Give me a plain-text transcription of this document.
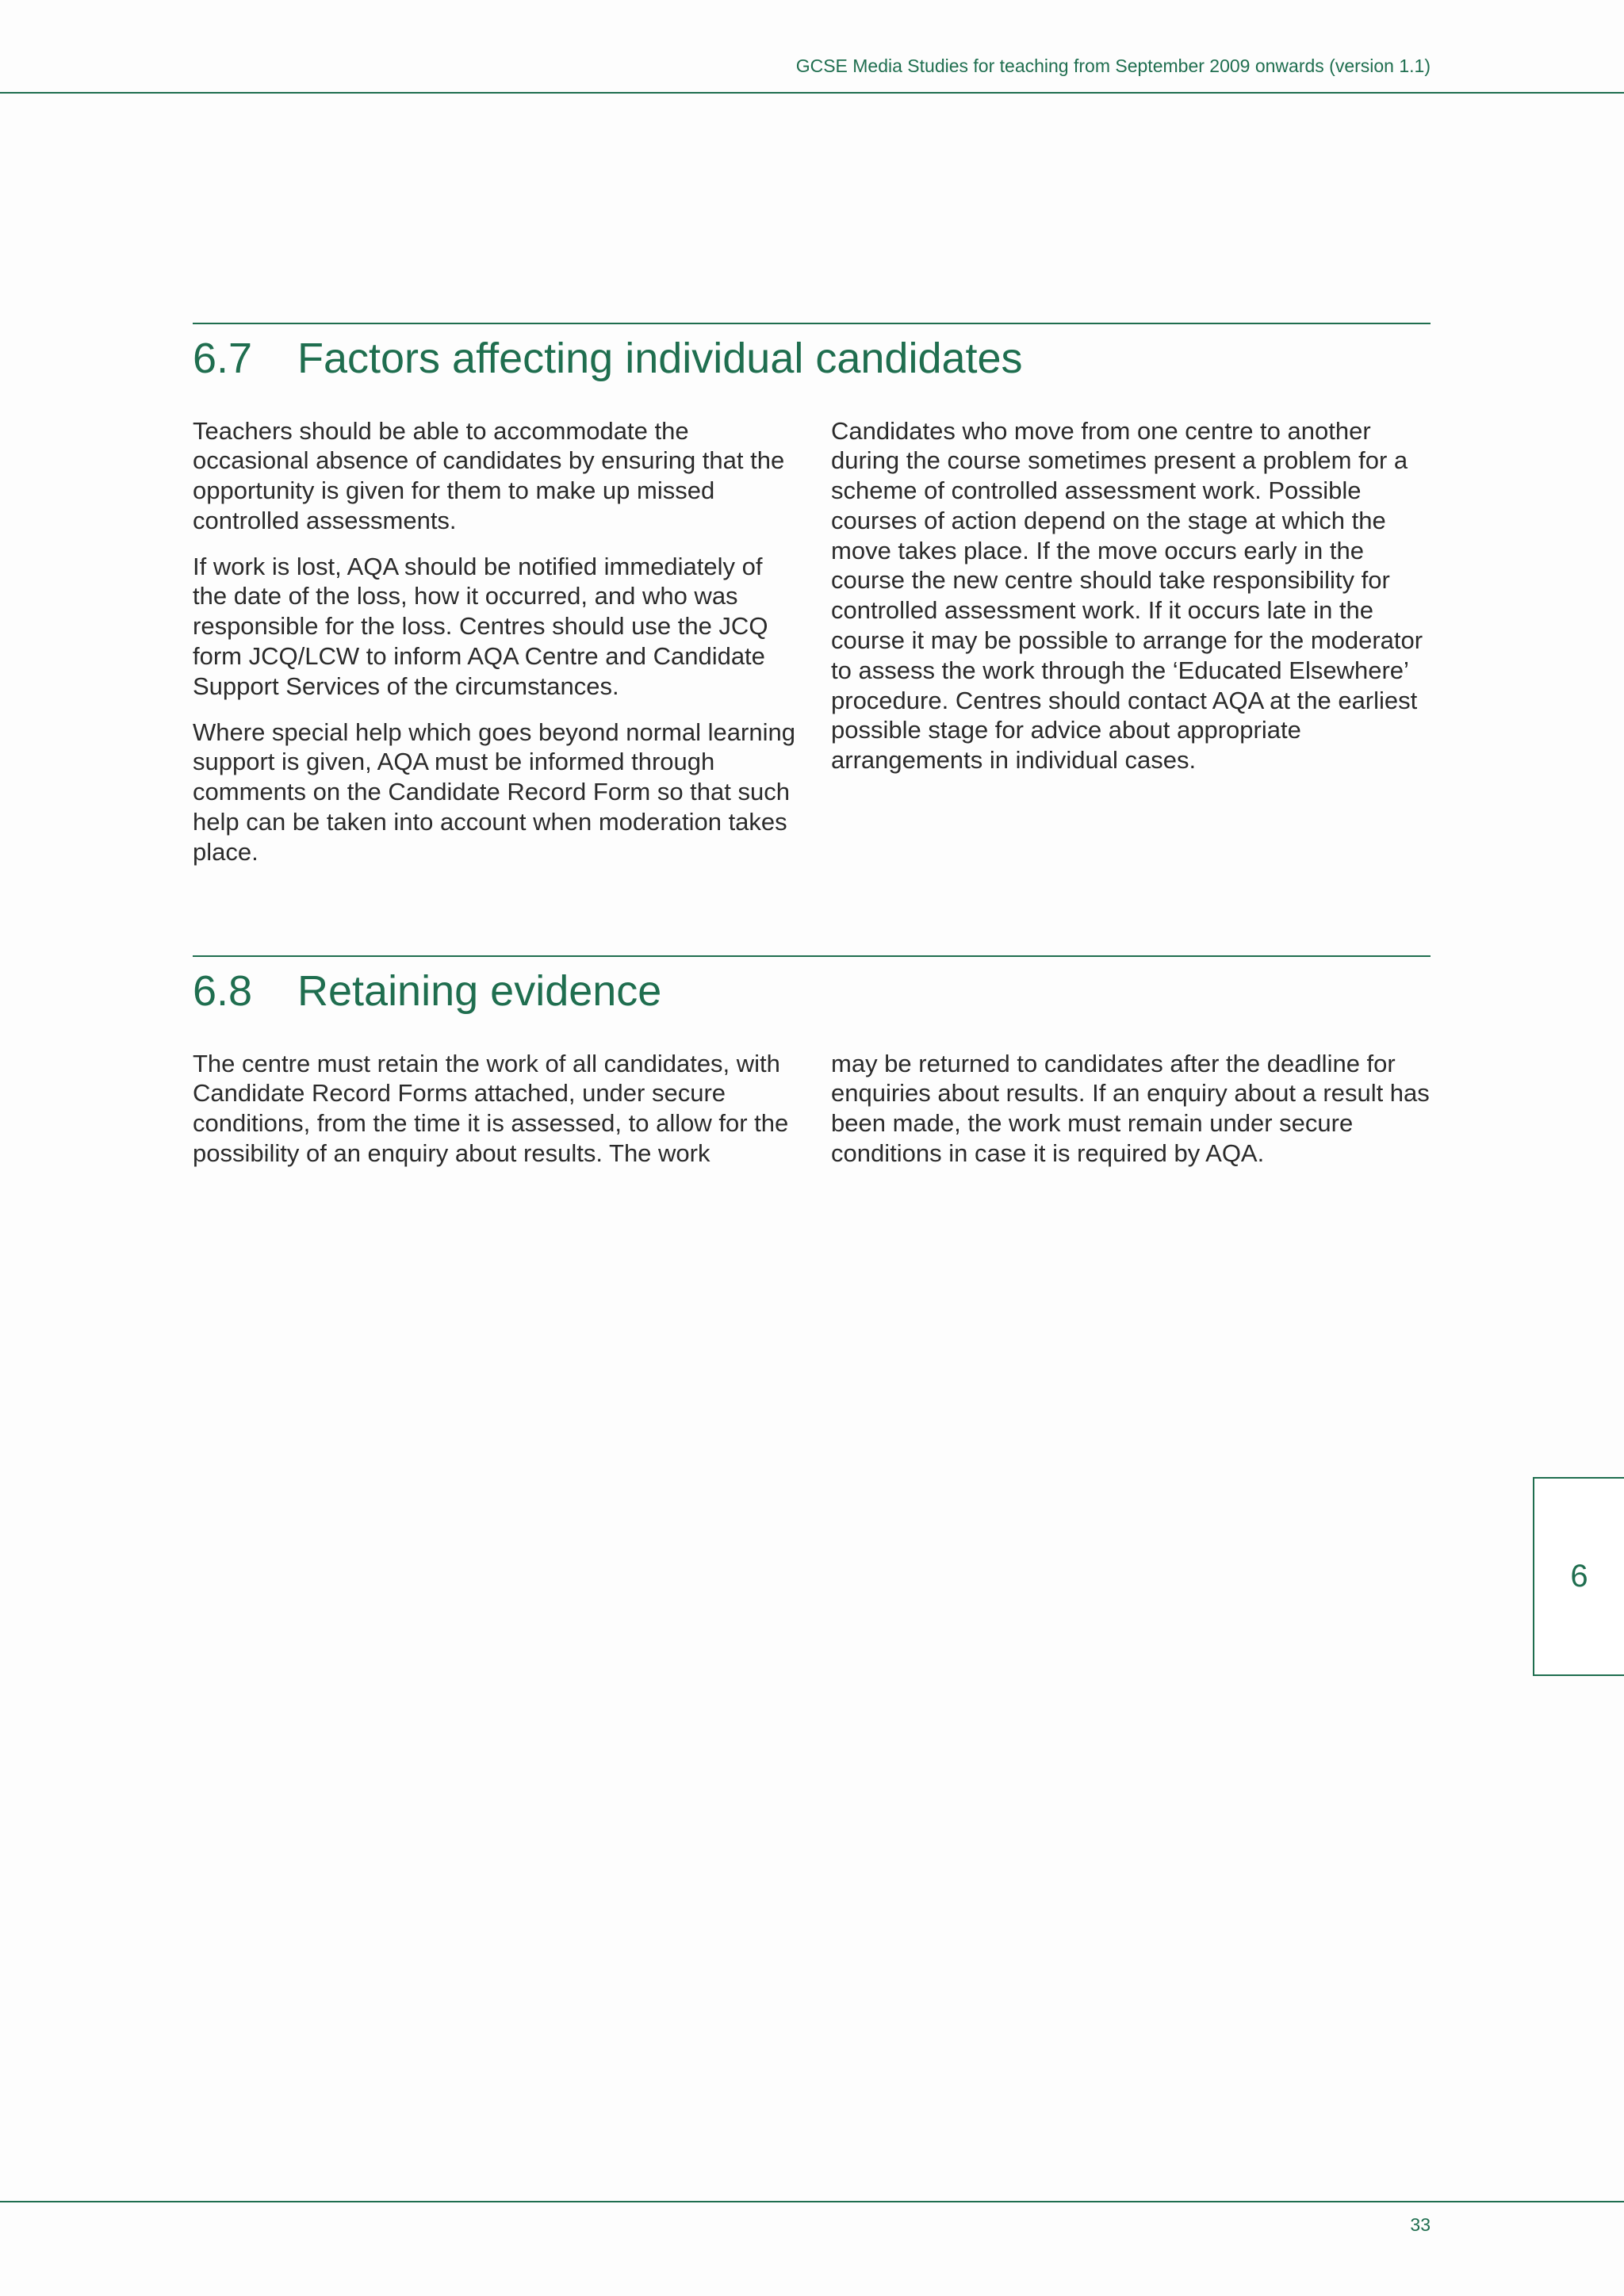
GCSE Media Studies for teaching from September 2009 onwards (version 1.1)
6.7 Factors affecting individual candidates

Teachers should be able to accommodate the occasional absence of candidates by ensuring that the opportunity is given for them to make up missed controlled assessments.

If work is lost, AQA should be notified immediately of the date of the loss, how it occurred, and who was responsible for the loss. Centres should use the JCQ form JCQ/LCW to inform AQA Centre and Candidate Support Services of the circumstances.

Where special help which goes beyond normal learning support is given, AQA must be informed through comments on the Candidate Record Form so that such help can be taken into account when moderation takes place.

Candidates who move from one centre to another during the course sometimes present a problem for a scheme of controlled assessment work. Possible courses of action depend on the stage at which the move takes place. If the move occurs early in the course the new centre should take responsibility for controlled assessment work. If it occurs late in the course it may be possible to arrange for the moderator to assess the work through the ‘Educated Elsewhere’ procedure. Centres should contact AQA at the earliest possible stage for advice about appropriate arrangements in individual cases.

6.8 Retaining evidence

The centre must retain the work of all candidates, with Candidate Record Forms attached, under secure conditions, from the time it is assessed, to allow for the possibility of an enquiry about results. The work

may be returned to candidates after the deadline for enquiries about results. If an enquiry about a result has been made, the work must remain under secure conditions in case it is required by AQA.

6
33
